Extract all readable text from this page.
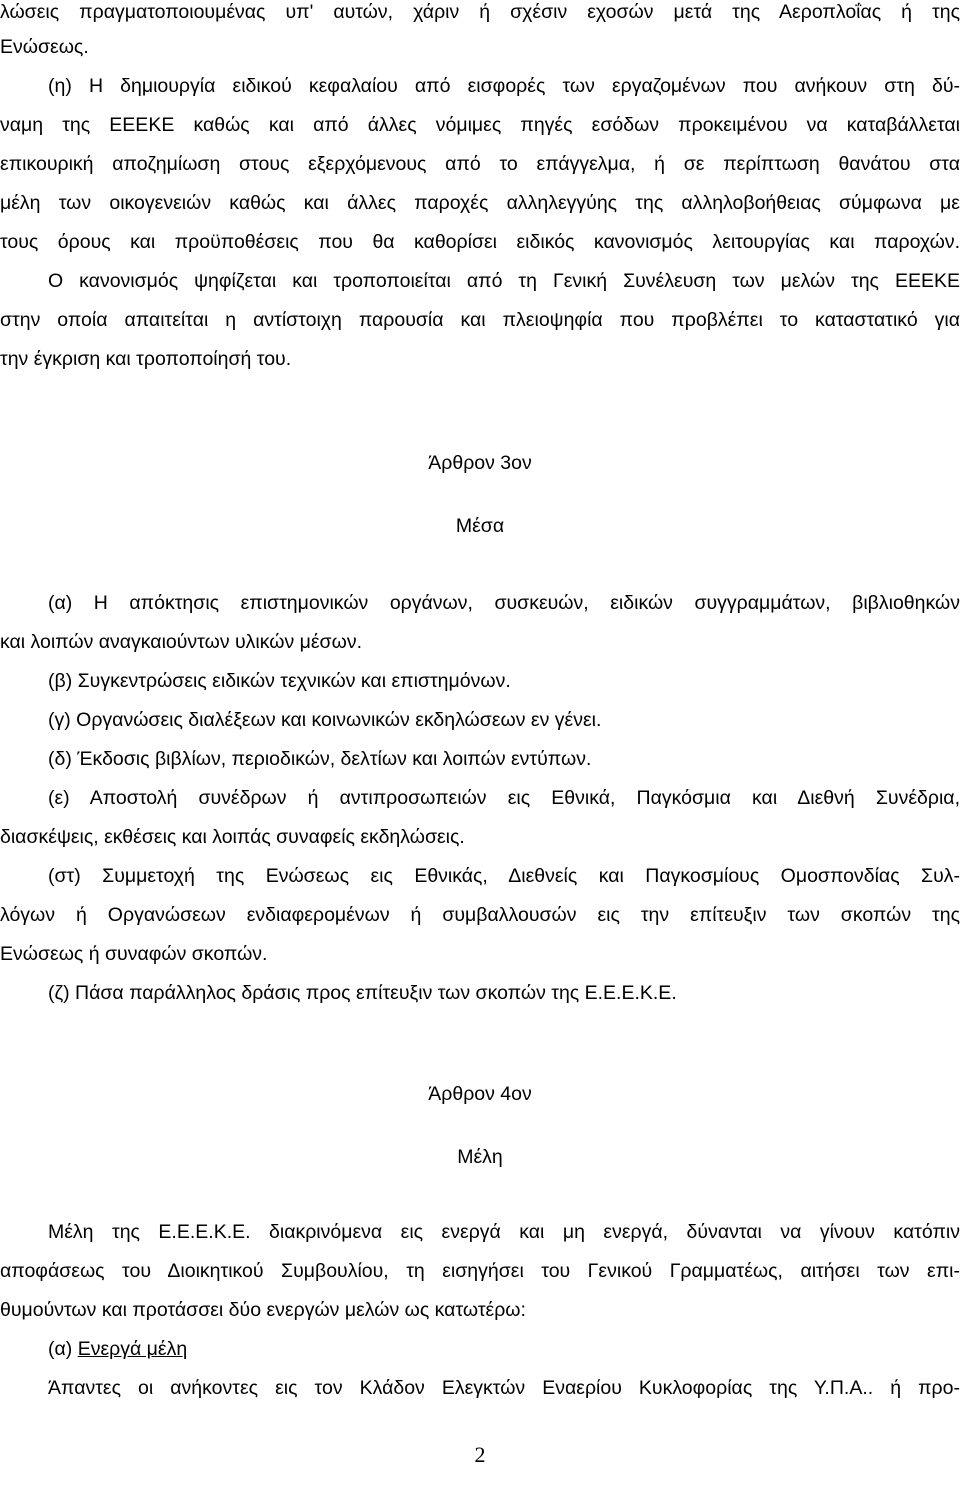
λώσεις πραγματοποιουμένας υπ' αυτών, χάριν ή σχέσιν εχοσών μετά της Αεροπλοΐας ή της

Ενώσεως.

(η) Η δημιουργία ειδικού κεφαλαίου από εισφορές των εργαζομένων που ανήκουν στη δύ-

ναμη της ΕΕΕΚΕ καθώς και από άλλες νόμιμες πηγές εσόδων προκειμένου να καταβάλλεται

επικουρική αποζημίωση στους εξερχόμενους από το επάγγελμα, ή σε περίπτωση θανάτου στα

μέλη των οικογενειών καθώς και άλλες παροχές αλληλεγγύης της αλληλοβοήθειας σύμφωνα με

τους όρους και προϋποθέσεις που θα καθορίσει ειδικός κανονισμός λειτουργίας και παροχών.

Ο κανονισμός ψηφίζεται και τροποποιείται από τη Γενική Συνέλευση των μελών της ΕΕΕΚΕ

στην οποία απαιτείται η αντίστοιχη παρουσία και πλειοψηφία που προβλέπει το καταστατικό για

την έγκριση και τροποποίησή του.

Άρθρον 3ον

Μέσα

(α) Η απόκτησις επιστημονικών οργάνων, συσκευών, ειδικών συγγραμμάτων, βιβλιοθηκών

και λοιπών αναγκαιούντων υλικών μέσων.

(β) Συγκεντρώσεις ειδικών τεχνικών και επιστημόνων.

(γ) Οργανώσεις διαλέξεων και κοινωνικών εκδηλώσεων εν γένει.

(δ) Έκδοσις βιβλίων, περιοδικών, δελτίων και λοιπών εντύπων.

(ε) Αποστολή συνέδρων ή αντιπροσωπειών εις Εθνικά, Παγκόσμια και Διεθνή Συνέδρια,

διασκέψεις, εκθέσεις και λοιπάς συναφείς εκδηλώσεις.

(στ) Συμμετοχή της Ενώσεως εις Εθνικάς, Διεθνείς και Παγκοσμίους Ομοσπονδίας Συλ-

λόγων ή Οργανώσεων ενδιαφερομένων ή συμβαλλουσών εις την επίτευξιν των σκοπών της

Ενώσεως ή συναφών σκοπών.

(ζ) Πάσα παράλληλος δράσις προς επίτευξιν των σκοπών της Ε.Ε.Ε.Κ.Ε.

Άρθρον 4ον

Μέλη

Μέλη της Ε.Ε.Ε.Κ.Ε. διακρινόμενα εις ενεργά και μη ενεργά, δύνανται να γίνουν κατόπιν

αποφάσεως του Διοικητικού Συμβουλίου, τη εισηγήσει του Γενικού Γραμματέως, αιτήσει των επι-

θυμούντων και προτάσσει δύο ενεργών μελών ως κατωτέρω:

(α) Ενεργά μέλη

Άπαντες οι ανήκοντες εις τον Κλάδον Ελεγκτών Εναερίου Κυκλοφορίας της Υ.Π.Α.. ή προ-

2
